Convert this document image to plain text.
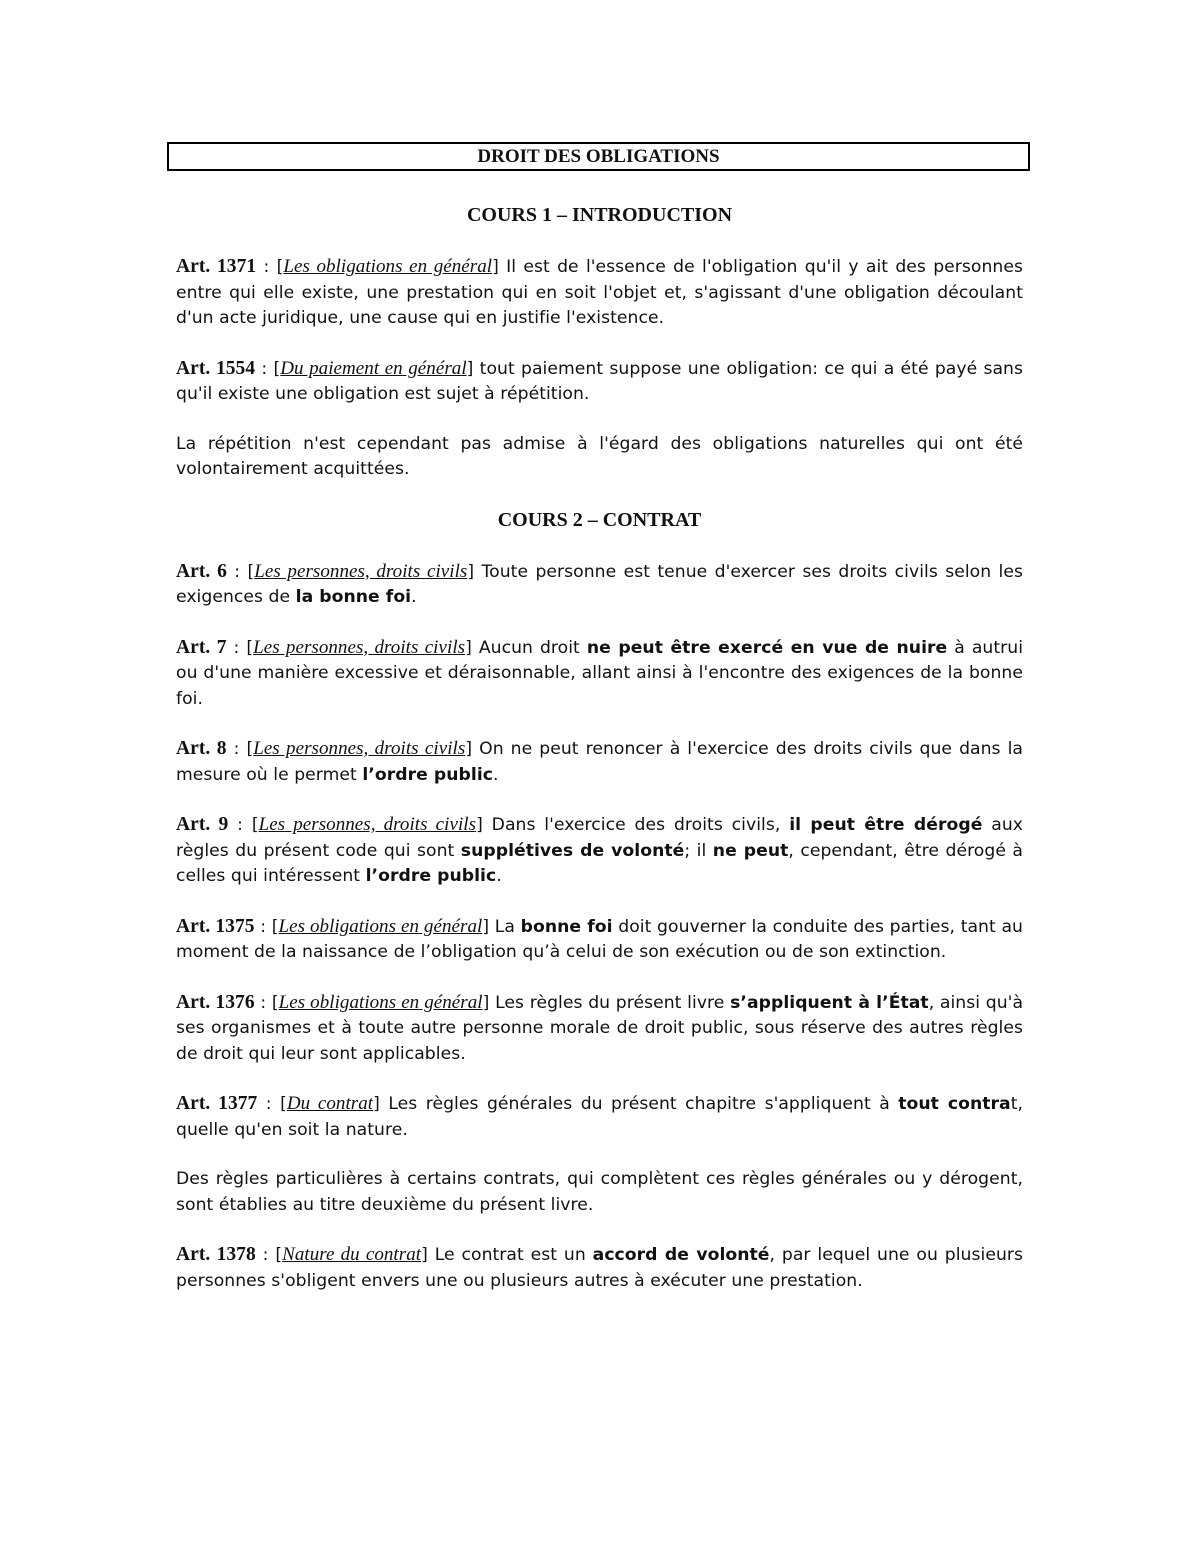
DROIT DES OBLIGATIONS

COURS 1 – INTRODUCTION

Art. 1371 : [Les obligations en général] Il est de l'essence de l'obligation qu'il y ait des personnes entre qui elle existe, une prestation qui en soit l'objet et, s'agissant d'une obligation découlant d'un acte juridique, une cause qui en justifie l'existence.

Art. 1554 : [Du paiement en général] tout paiement suppose une obligation: ce qui a été payé sans qu'il existe une obligation est sujet à répétition.

La répétition n'est cependant pas admise à l'égard des obligations naturelles qui ont été volontairement acquittées.

COURS 2 – CONTRAT

Art. 6 : [Les personnes, droits civils] Toute personne est tenue d'exercer ses droits civils selon les exigences de la bonne foi.

Art. 7 : [Les personnes, droits civils] Aucun droit ne peut être exercé en vue de nuire à autrui ou d'une manière excessive et déraisonnable, allant ainsi à l'encontre des exigences de la bonne foi.

Art. 8 : [Les personnes, droits civils] On ne peut renoncer à l'exercice des droits civils que dans la mesure où le permet l’ordre public.

Art. 9 : [Les personnes, droits civils] Dans l'exercice des droits civils, il peut être dérogé aux règles du présent code qui sont supplétives de volonté; il ne peut, cependant, être dérogé à celles qui intéressent l’ordre public.

Art. 1375 : [Les obligations en général] La bonne foi doit gouverner la conduite des parties, tant au moment de la naissance de l’obligation qu’à celui de son exécution ou de son extinction.

Art. 1376 : [Les obligations en général] Les règles du présent livre s’appliquent à l’État, ainsi qu'à ses organismes et à toute autre personne morale de droit public, sous réserve des autres règles de droit qui leur sont applicables.

Art. 1377 : [Du contrat] Les règles générales du présent chapitre s'appliquent à tout contrat, quelle qu'en soit la nature.

Des règles particulières à certains contrats, qui complètent ces règles générales ou y dérogent, sont établies au titre deuxième du présent livre.

Art. 1378 : [Nature du contrat] Le contrat est un accord de volonté, par lequel une ou plusieurs personnes s'obligent envers une ou plusieurs autres à exécuter une prestation.
